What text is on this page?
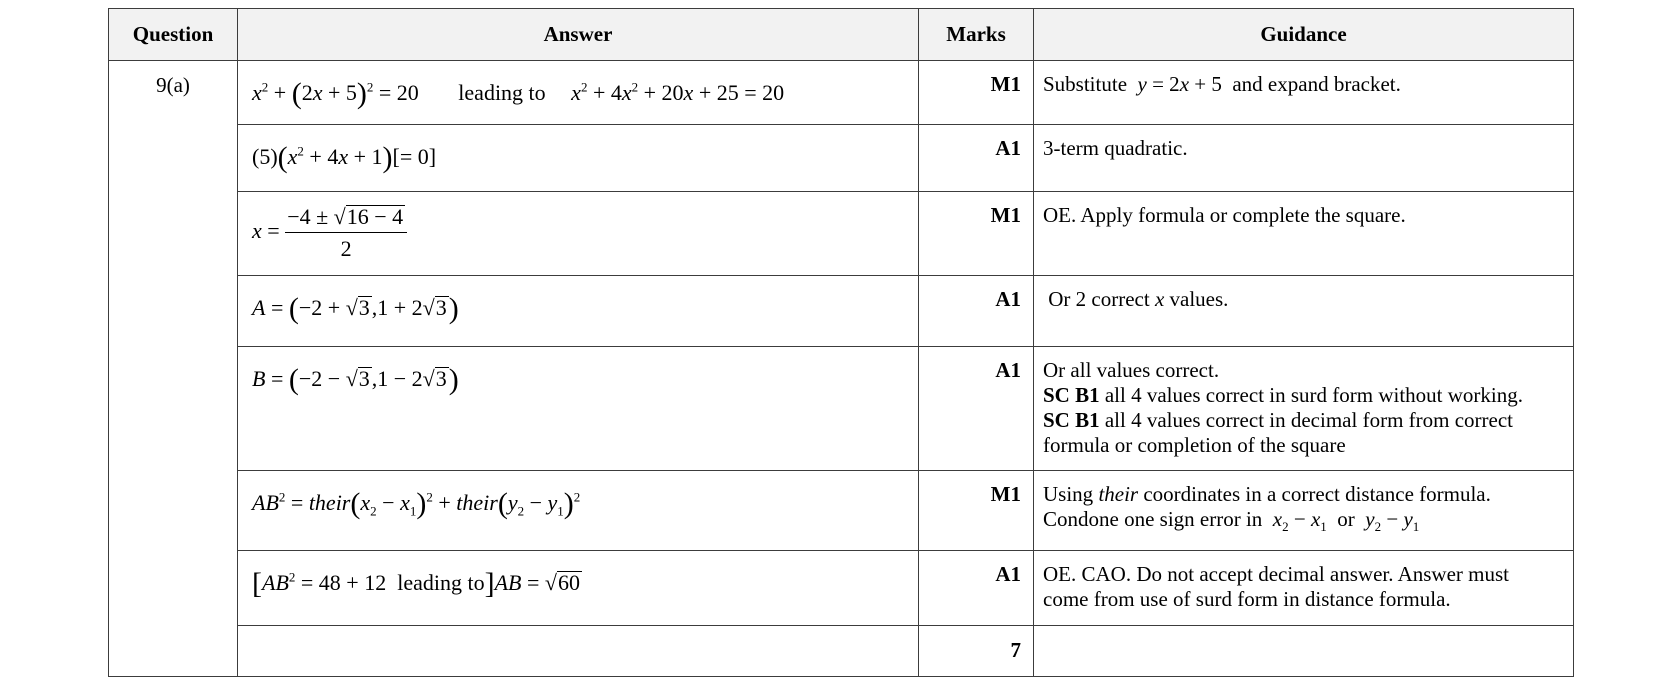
Question	Answer	Marks	Guidance
9(a)	$x^2 + (2x + 5)^2 = 20$ leading to $x^2 + 4x^2 + 20x + 25 = 20$	M1	Substitute y = 2x + 5  and expand bracket.
	$(5)(x^2 + 4x + 1)[= 0]$	A1	3-term quadratic.
	$x = \frac{-4 \pm √16 - 4}{2}$	M1	OE. Apply formula or complete the square.
	A = (−2 + √3,1 + 2√3)	A1	Or 2 correct x values.
	B = (−2 − √3,1 − 2√3)	A1	Or all values correct.
SC B1 all 4 values correct in surd form without working.
SC B1 all 4 values correct in decimal form from correct
formula or completion of the square

	$AB^2$ = $their(x_2 - x_1)^2$ + $their(y_2 - y_1)^2$	M1	Using their coordinates in a correct distance formula.
Condone one sign error in $x_2 - x_1$ or $y_2 - y_1$

	[$AB^2 = 48 + 12$  leading to]AB = √60	A1	OE. CAO. Do not accept decimal answer. Answer must
come from use of surd form in distance formula.

		7	
